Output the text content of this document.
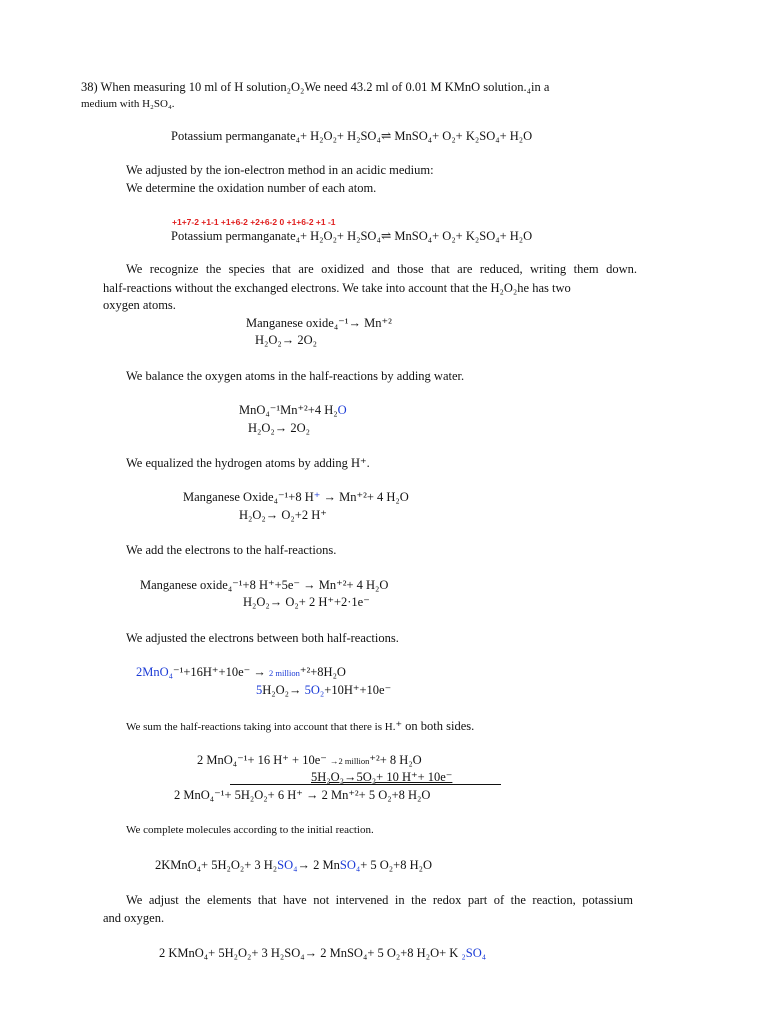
38) When measuring 10 ml of H solution₂O₂We need 43.2 ml of 0.01 M KMnO solution.₄in a
medium with H₂SO₄.
Potassium permanganate₄+ H₂O₂+ H₂SO₄⇌ MnSO₄+ O₂+ K₂SO₄+ H₂O
We adjusted by the ion-electron method in an acidic medium:
We determine the oxidation number of each atom.
+1+7-2 +1-1 +1+6-2 +2+6-2 0 +1+6-2 +1 -1
Potassium permanganate₄+ H₂O₂+ H₂SO₄⇌ MnSO₄+ O₂+ K₂SO₄+ H₂O
We recognize the species that are oxidized and those that are reduced, writing them down.
half-reactions without the exchanged electrons. We take into account that the H₂O₂he has two
oxygen atoms.
Manganese oxide₄⁻¹→ Mn⁺²
H₂O₂→ 2O₂
We balance the oxygen atoms in the half-reactions by adding water.
MnO₄⁻¹Mn⁺²+4 H₂O
H₂O₂→ 2O₂
We equalized the hydrogen atoms by adding H⁺.
Manganese Oxide₄⁻¹+8 H⁺ → Mn⁺²+ 4 H₂O
H₂O₂→ O₂+2 H⁺
We add the electrons to the half-reactions.
Manganese oxide₄⁻¹+8 H⁺+5e⁻ → Mn⁺²+ 4 H₂O
H₂O₂→ O₂+ 2 H⁺+2·1e⁻
We adjusted the electrons between both half-reactions.
2MnO₄⁻¹+16H⁺+10e⁻ → 2 million⁺²+8H₂O
5H₂O₂→ 5O₂+10H⁺+10e⁻
We sum the half-reactions taking into account that there is H.⁺ on both sides.
2 MnO₄⁻¹+ 16 H⁺ + 10e⁻ →2 million⁺²+ 8 H₂O
5H₂O₂→5O₂+ 10 H⁺+ 10e⁻
2 MnO₄⁻¹+ 5H₂O₂+ 6 H⁺ → 2 Mn⁺²+ 5 O₂+8 H₂O
We complete molecules according to the initial reaction.
2KMnO₄+ 5H₂O₂+ 3 H₂SO₄→ 2 MnSO₄+ 5 O₂+8 H₂O
We adjust the elements that have not intervened in the redox part of the reaction, potassium
and oxygen.
2 KMnO₄+ 5H₂O₂+ 3 H₂SO₄→ 2 MnSO₄+ 5 O₂+8 H₂O+ K ₂SO₄
